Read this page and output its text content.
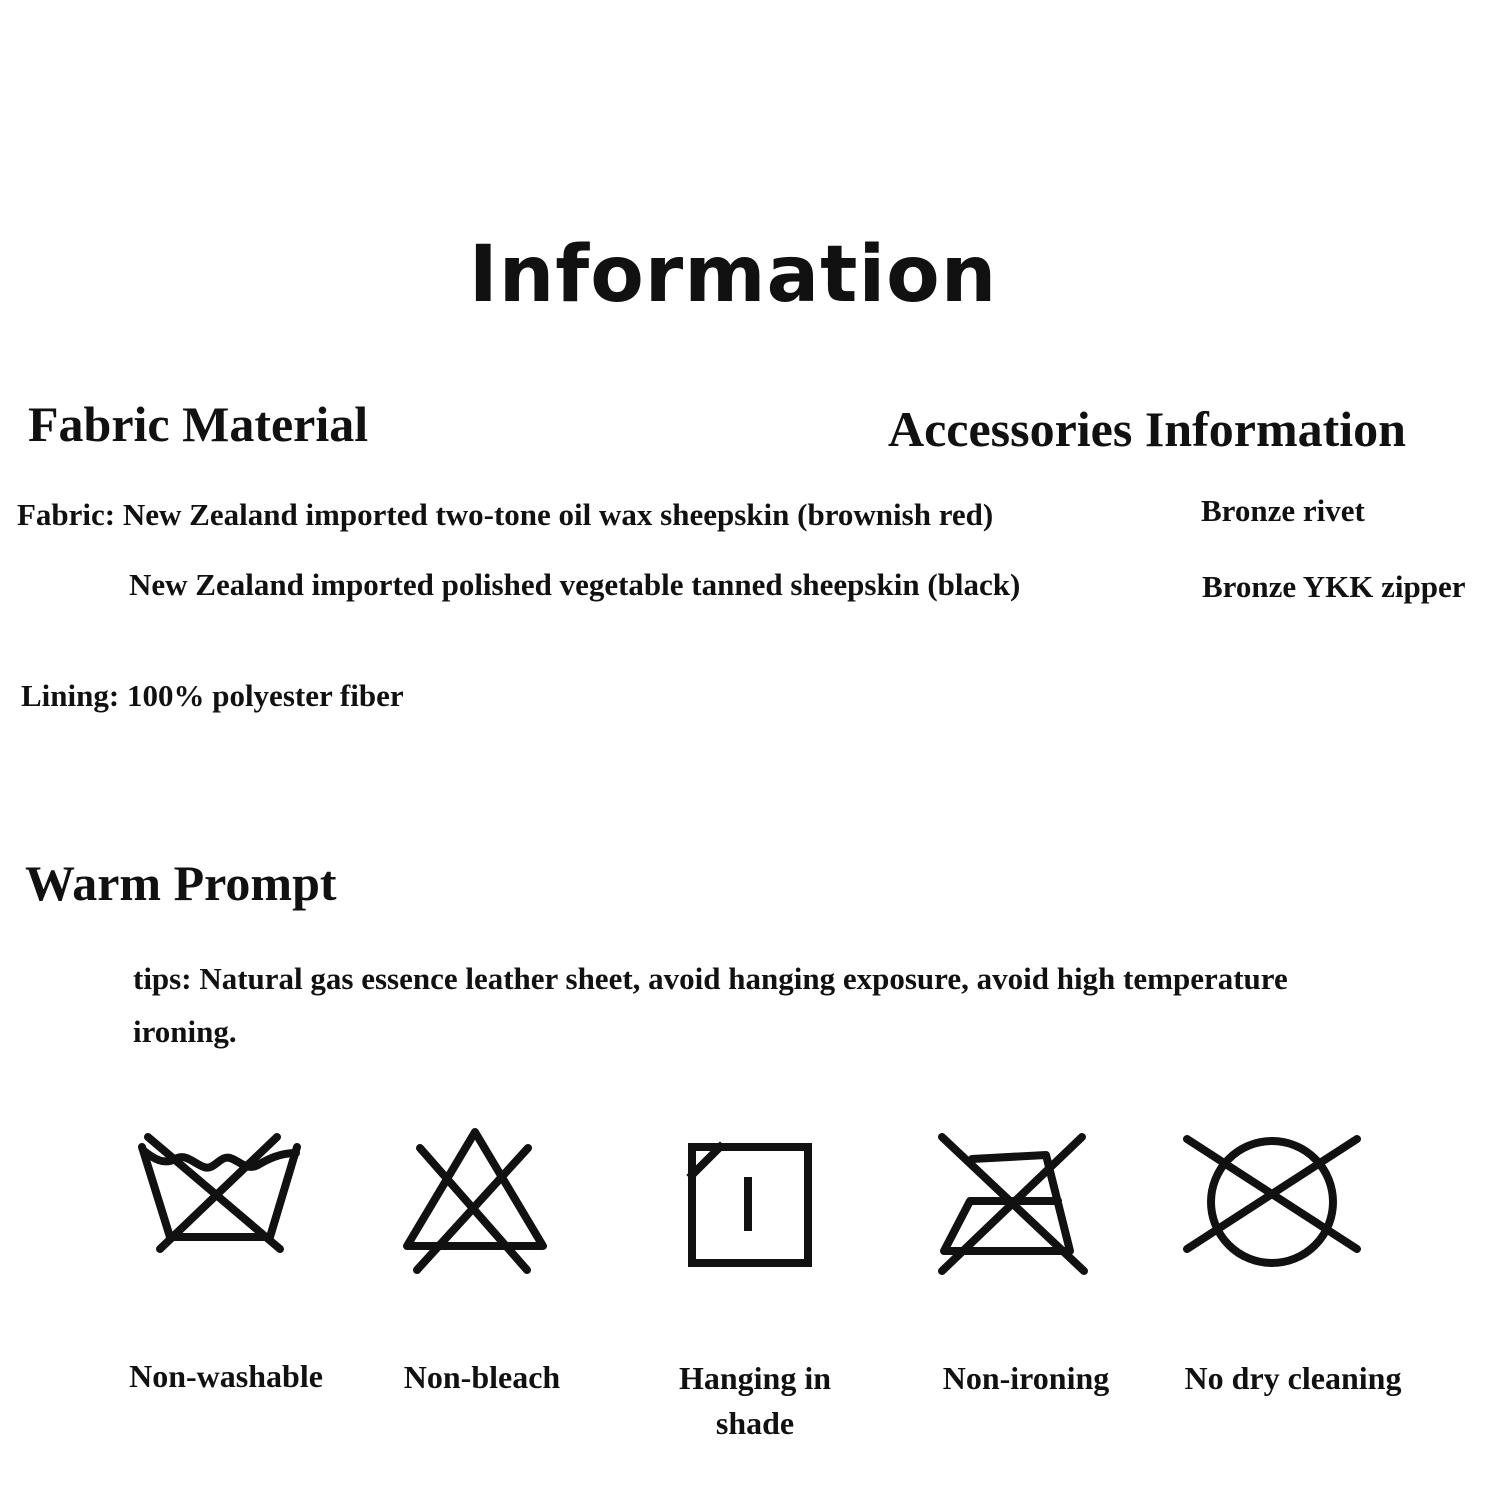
Information
Fabric Material	Accessories Information
Fabric: New Zealand imported two-tone oil wax sheepskin (brownish red)
New Zealand imported polished vegetable tanned sheepskin (black)
Lining: 100% polyester fiber
Bronze rivet
Bronze YKK zipper
Warm Prompt
tips: Natural gas essence leather sheet, avoid hanging exposure, avoid high temperature ironing.
Non-washable	Non-bleach	Hanging in shade
Non-ironing	No dry cleaning
